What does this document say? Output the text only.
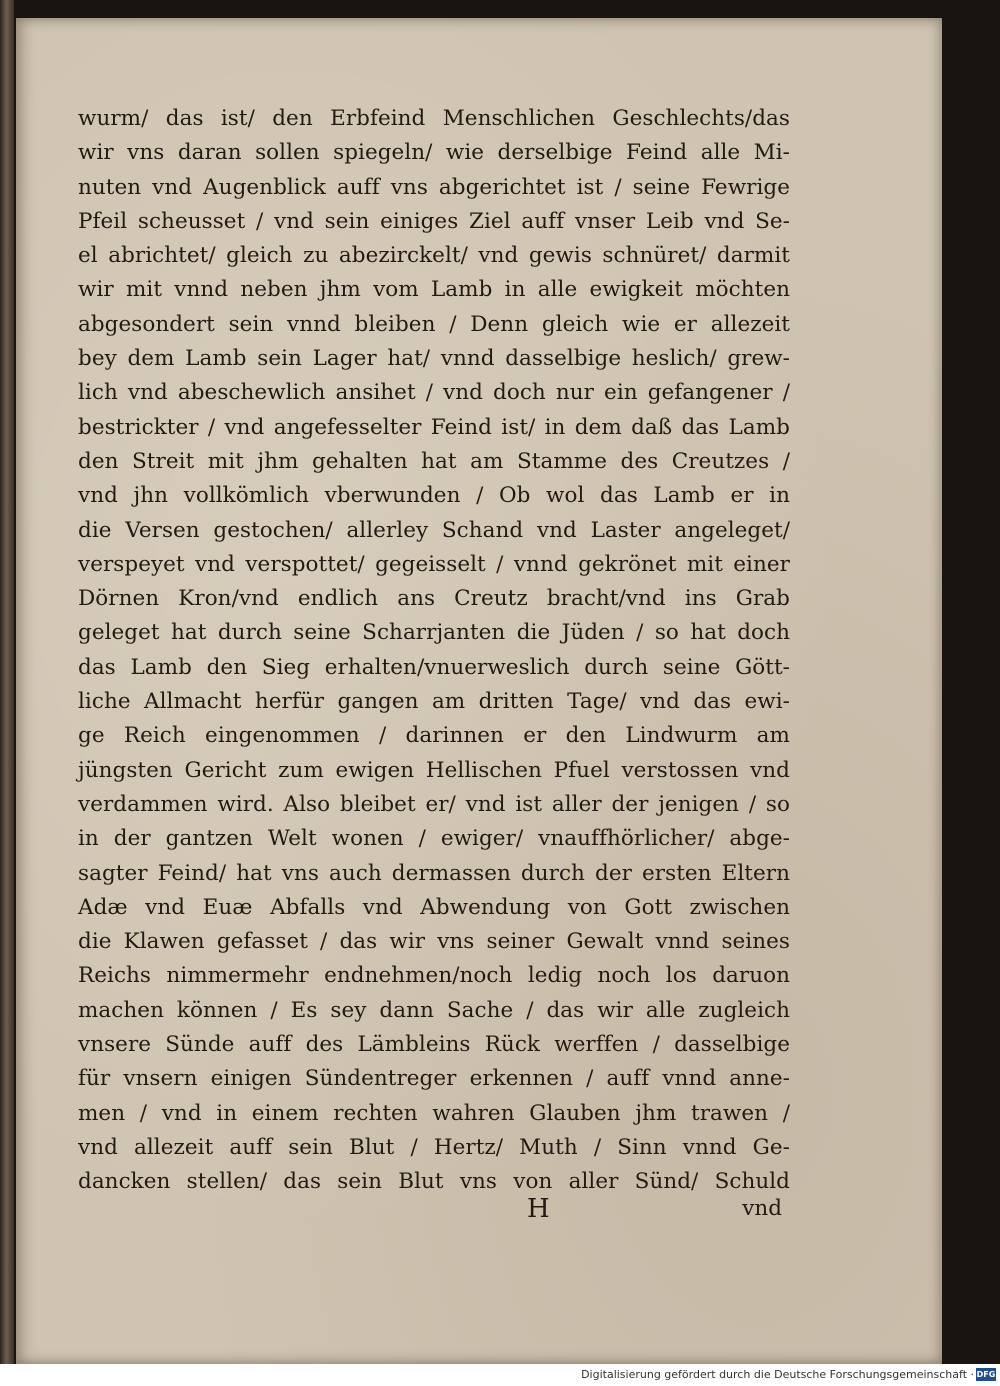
wurm/ das ist/ den Erbfeind Menschlichen Geschlechts/das
wir vns daran sollen spiegeln/ wie derselbige Feind alle Mi-
nuten vnd Augenblick auff vns abgerichtet ist / seine Fewrige
Pfeil scheusset / vnd sein einiges Ziel auff vnser Leib vnd Se-
el abrichtet/ gleich zu abezirckelt/ vnd gewis schnüret/ darmit
wir mit vnnd neben jhm vom Lamb in alle ewigkeit möchten
abgesondert sein vnnd bleiben / Denn gleich wie er allezeit
bey dem Lamb sein Lager hat/ vnnd dasselbige heslich/ grew-
lich vnd abeschewlich ansihet / vnd doch nur ein gefangener /
bestrickter / vnd angefesselter Feind ist/ in dem daß das Lamb
den Streit mit jhm gehalten hat am Stamme des Creutzes /
vnd jhn vollkömlich vberwunden / Ob wol das Lamb er in
die Versen gestochen/ allerley Schand vnd Laster angeleget/
verspeyet vnd verspottet/ gegeisselt / vnnd gekrönet mit einer
Dörnen Kron/vnd endlich ans Creutz bracht/vnd ins Grab
geleget hat durch seine Scharrjanten die Jüden / so hat doch
das Lamb den Sieg erhalten/vnuerweslich durch seine Gött-
liche Allmacht herfür gangen am dritten Tage/ vnd das ewi-
ge Reich eingenommen / darinnen er den Lindwurm am
jüngsten Gericht zum ewigen Hellischen Pfuel verstossen vnd
verdammen wird. Also bleibet er/ vnd ist aller der jenigen / so
in der gantzen Welt wonen / ewiger/ vnauffhörlicher/ abge-
sagter Feind/ hat vns auch dermassen durch der ersten Eltern
Adæ vnd Euæ Abfalls vnd Abwendung von Gott zwischen
die Klawen gefasset / das wir vns seiner Gewalt vnnd seines
Reichs nimmermehr endnehmen/noch ledig noch los daruon
machen können / Es sey dann Sache / das wir alle zugleich
vnsere Sünde auff des Lämbleins Rück werffen / dasselbige
für vnsern einigen Sündentreger erkennen / auff vnnd anne-
men / vnd in einem rechten wahren Glauben jhm trawen /
vnd allezeit auff sein Blut / Hertz/ Muth / Sinn vnnd Ge-
dancken stellen/ das sein Blut vns von aller Sünd/ Schuld
H	vnd
Digitalisierung gefördert durch die Deutsche Forschungsgemeinschaft · DFG
